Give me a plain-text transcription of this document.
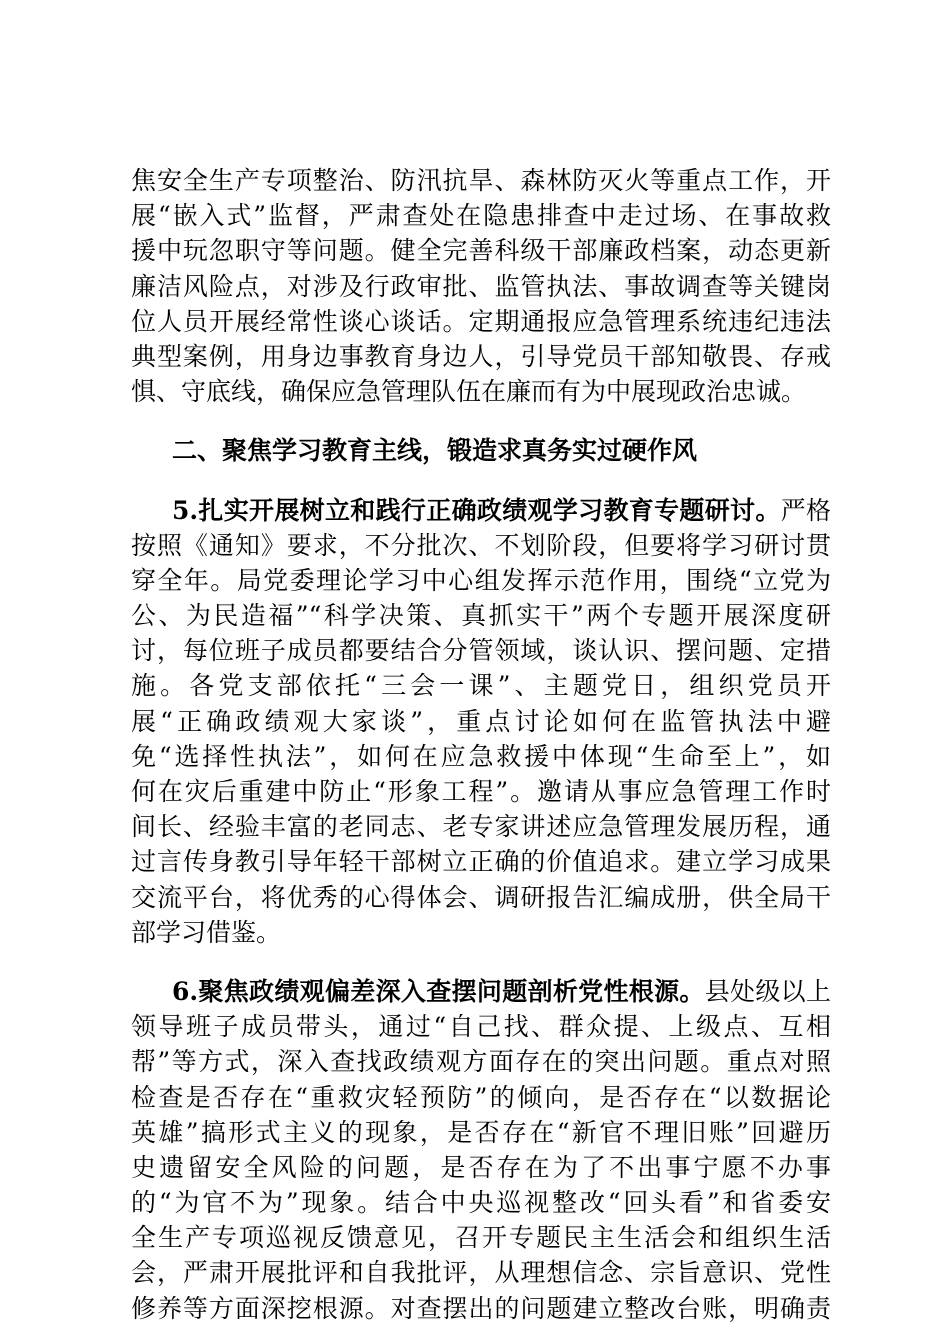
焦安全生产专项整治、防汛抗旱、森林防灭火等重点工作，开
展“嵌入式”监督，严肃查处在隐患排查中走过场、在事故救
援中玩忽职守等问题。健全完善科级干部廉政档案，动态更新
廉洁风险点，对涉及行政审批、监管执法、事故调查等关键岗
位人员开展经常性谈心谈话。定期通报应急管理系统违纪违法
典型案例，用身边事教育身边人，引导党员干部知敬畏、存戒
惧、守底线，确保应急管理队伍在廉而有为中展现政治忠诚。
二、聚焦学习教育主线，锻造求真务实过硬作风
5.扎实开展树立和践行正确政绩观学习教育专题研讨。严格
按照《通知》要求，不分批次、不划阶段，但要将学习研讨贯
穿全年。局党委理论学习中心组发挥示范作用，围绕“立党为
公、为民造福”“科学决策、真抓实干”两个专题开展深度研
讨，每位班子成员都要结合分管领域，谈认识、摆问题、定措
施。各党支部依托“三会一课”、主题党日，组织党员开
展“正确政绩观大家谈”，重点讨论如何在监管执法中避
免“选择性执法”，如何在应急救援中体现“生命至上”，如
何在灾后重建中防止“形象工程”。邀请从事应急管理工作时
间长、经验丰富的老同志、老专家讲述应急管理发展历程，通
过言传身教引导年轻干部树立正确的价值追求。建立学习成果
交流平台，将优秀的心得体会、调研报告汇编成册，供全局干
部学习借鉴。
6.聚焦政绩观偏差深入查摆问题剖析党性根源。县处级以上
领导班子成员带头，通过“自己找、群众提、上级点、互相
帮”等方式，深入查找政绩观方面存在的突出问题。重点对照
检查是否存在“重救灾轻预防”的倾向，是否存在“以数据论
英雄”搞形式主义的现象，是否存在“新官不理旧账”回避历
史遗留安全风险的问题，是否存在为了不出事宁愿不办事
的“为官不为”现象。结合中央巡视整改“回头看”和省委安
全生产专项巡视反馈意见，召开专题民主生活会和组织生活
会，严肃开展批评和自我批评，从理想信念、宗旨意识、党性
修养等方面深挖根源。对查摆出的问题建立整改台账，明确责
